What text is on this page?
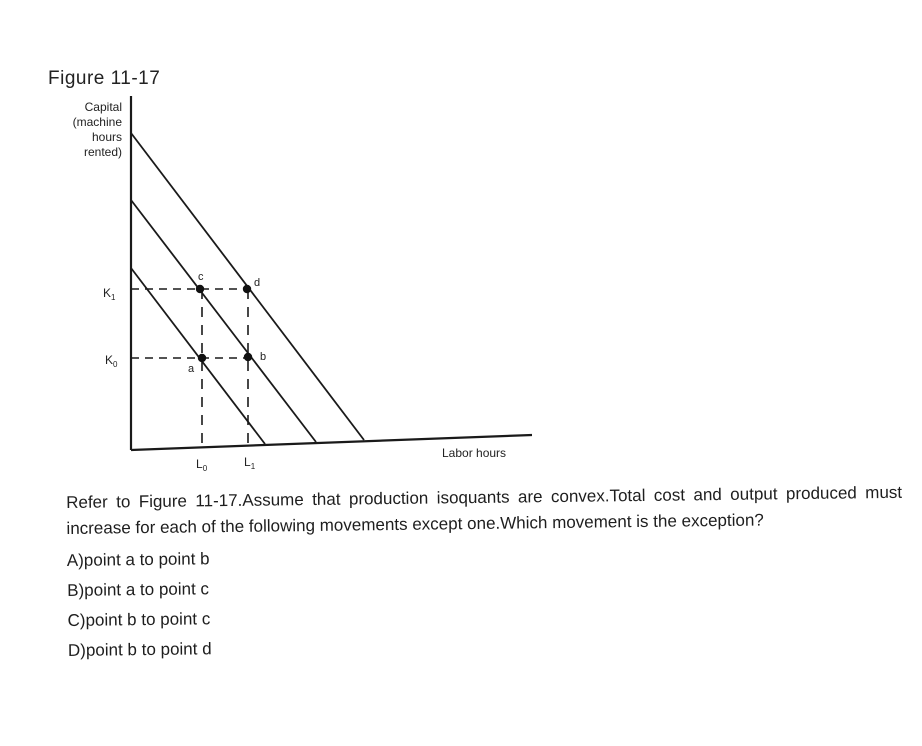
Figure 11-17
Capital
(machine
hours
rented)
c	d
a
b
$K_1$
$K_0$
$L_0$	$L_1$
Labor hours

Refer to Figure 11-17.Assume that production isoquants are convex.Total cost and output produced must increase for each of the following movements except one.Which movement is the exception?

A)point a to point b

B)point a to point c

C)point b to point c

D)point b to point d
